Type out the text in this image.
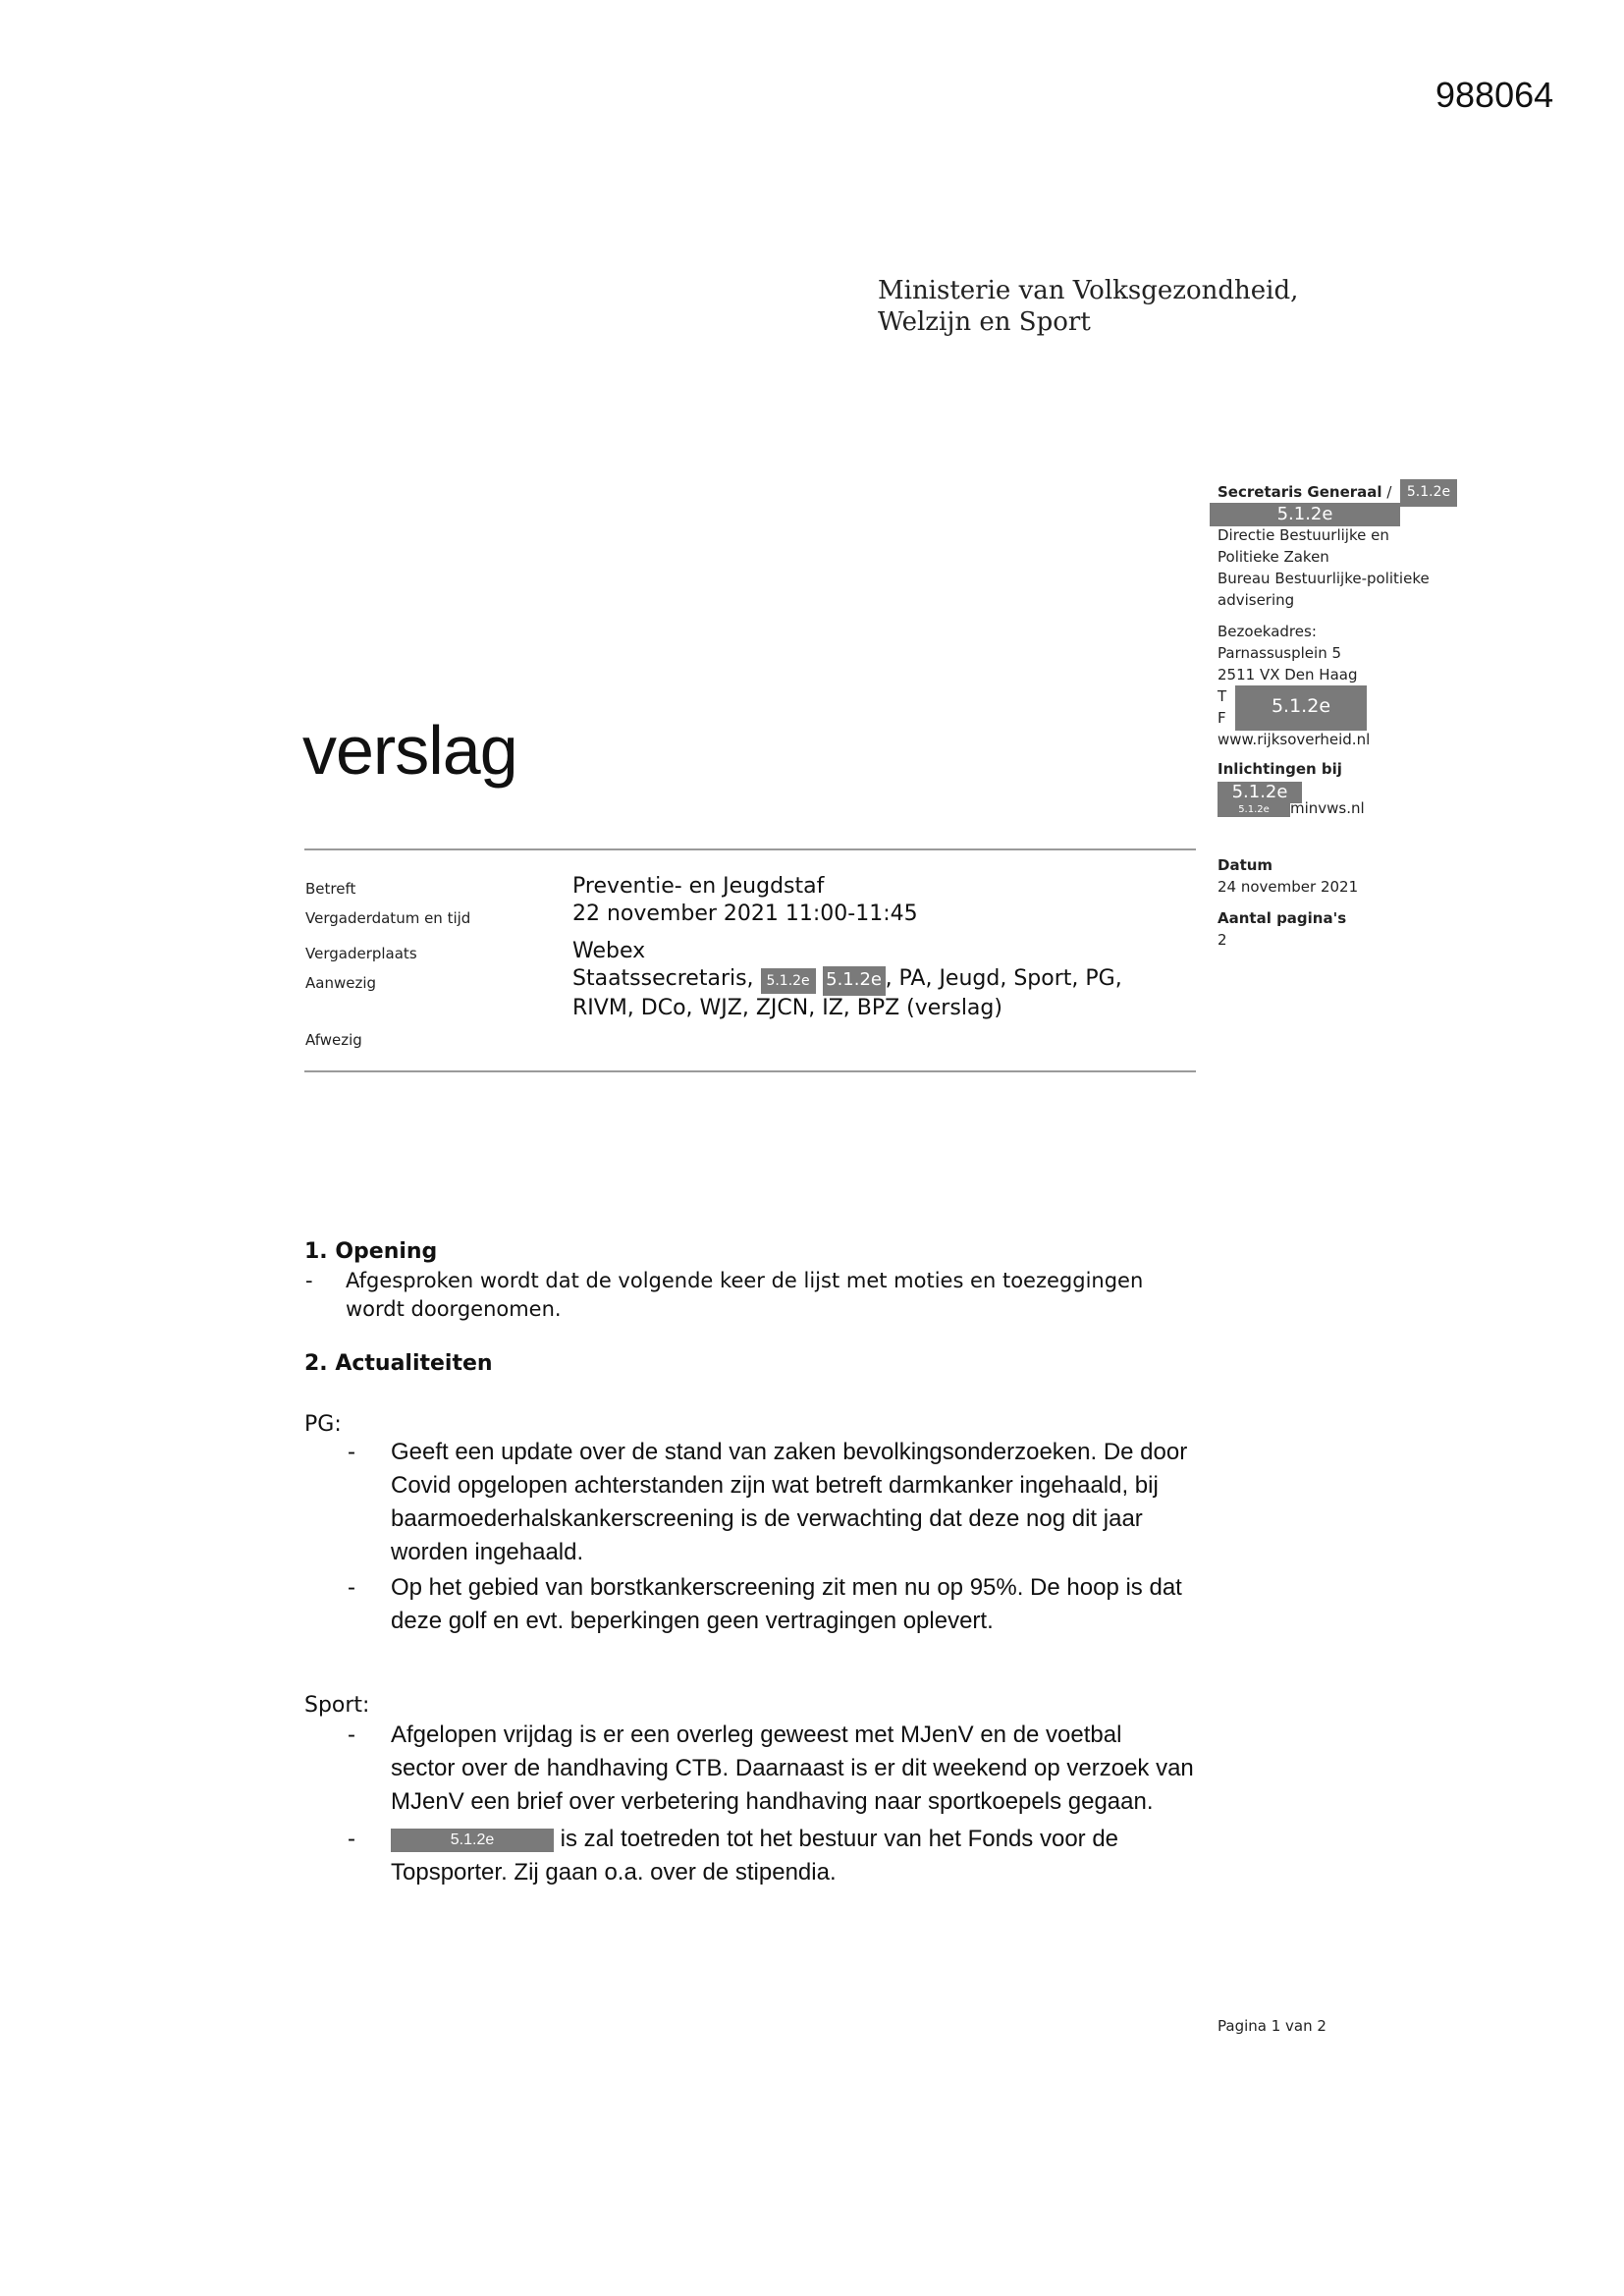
988064
Ministerie van Volksgezondheid,
Welzijn en Sport
verslag
Secretaris Generaal /	5.1.2e
5.1.2e
Directie Bestuurlijke en
Politieke Zaken
Bureau Bestuurlijke-politieke
advisering
Bezoekadres:
Parnassusplein 5
2511 VX Den Haag
T
F
5.1.2e
www.rijksoverheid.nl
Inlichtingen bij
5.1.2e
5.1.2e	minvws.nl
Datum
24 november 2021
Aantal pagina's
2
Betreft	Preventie- en Jeugdstaf
Vergaderdatum en tijd	22 november 2021 11:00-11:45
Vergaderplaats	Webex
Aanwezig	Staatssecretaris, 5.1.2e 5.1.2e , PA, Jeugd, Sport, PG,
RIVM, DCo, WJZ, ZJCN, IZ, BPZ (verslag)
Afwezig
1. Opening
- Afgesproken wordt dat de volgende keer de lijst met moties en toezeggingen
wordt doorgenomen.
2. Actualiteiten
PG:
- Geeft een update over de stand van zaken bevolkingsonderzoeken. De door
Covid opgelopen achterstanden zijn wat betreft darmkanker ingehaald, bij
baarmoederhalskankerscreening is de verwachting dat deze nog dit jaar
worden ingehaald.
- Op het gebied van borstkankerscreening zit men nu op 95%. De hoop is dat
deze golf en evt. beperkingen geen vertragingen oplevert.
Sport:
- Afgelopen vrijdag is er een overleg geweest met MJenV en de voetbal
sector over de handhaving CTB. Daarnaast is er dit weekend op verzoek van
MJenV een brief over verbetering handhaving naar sportkoepels gegaan.
-	5.1.2e	is zal toetreden tot het bestuur van het Fonds voor de
Topsporter. Zij gaan o.a. over de stipendia.
Pagina 1 van 2
